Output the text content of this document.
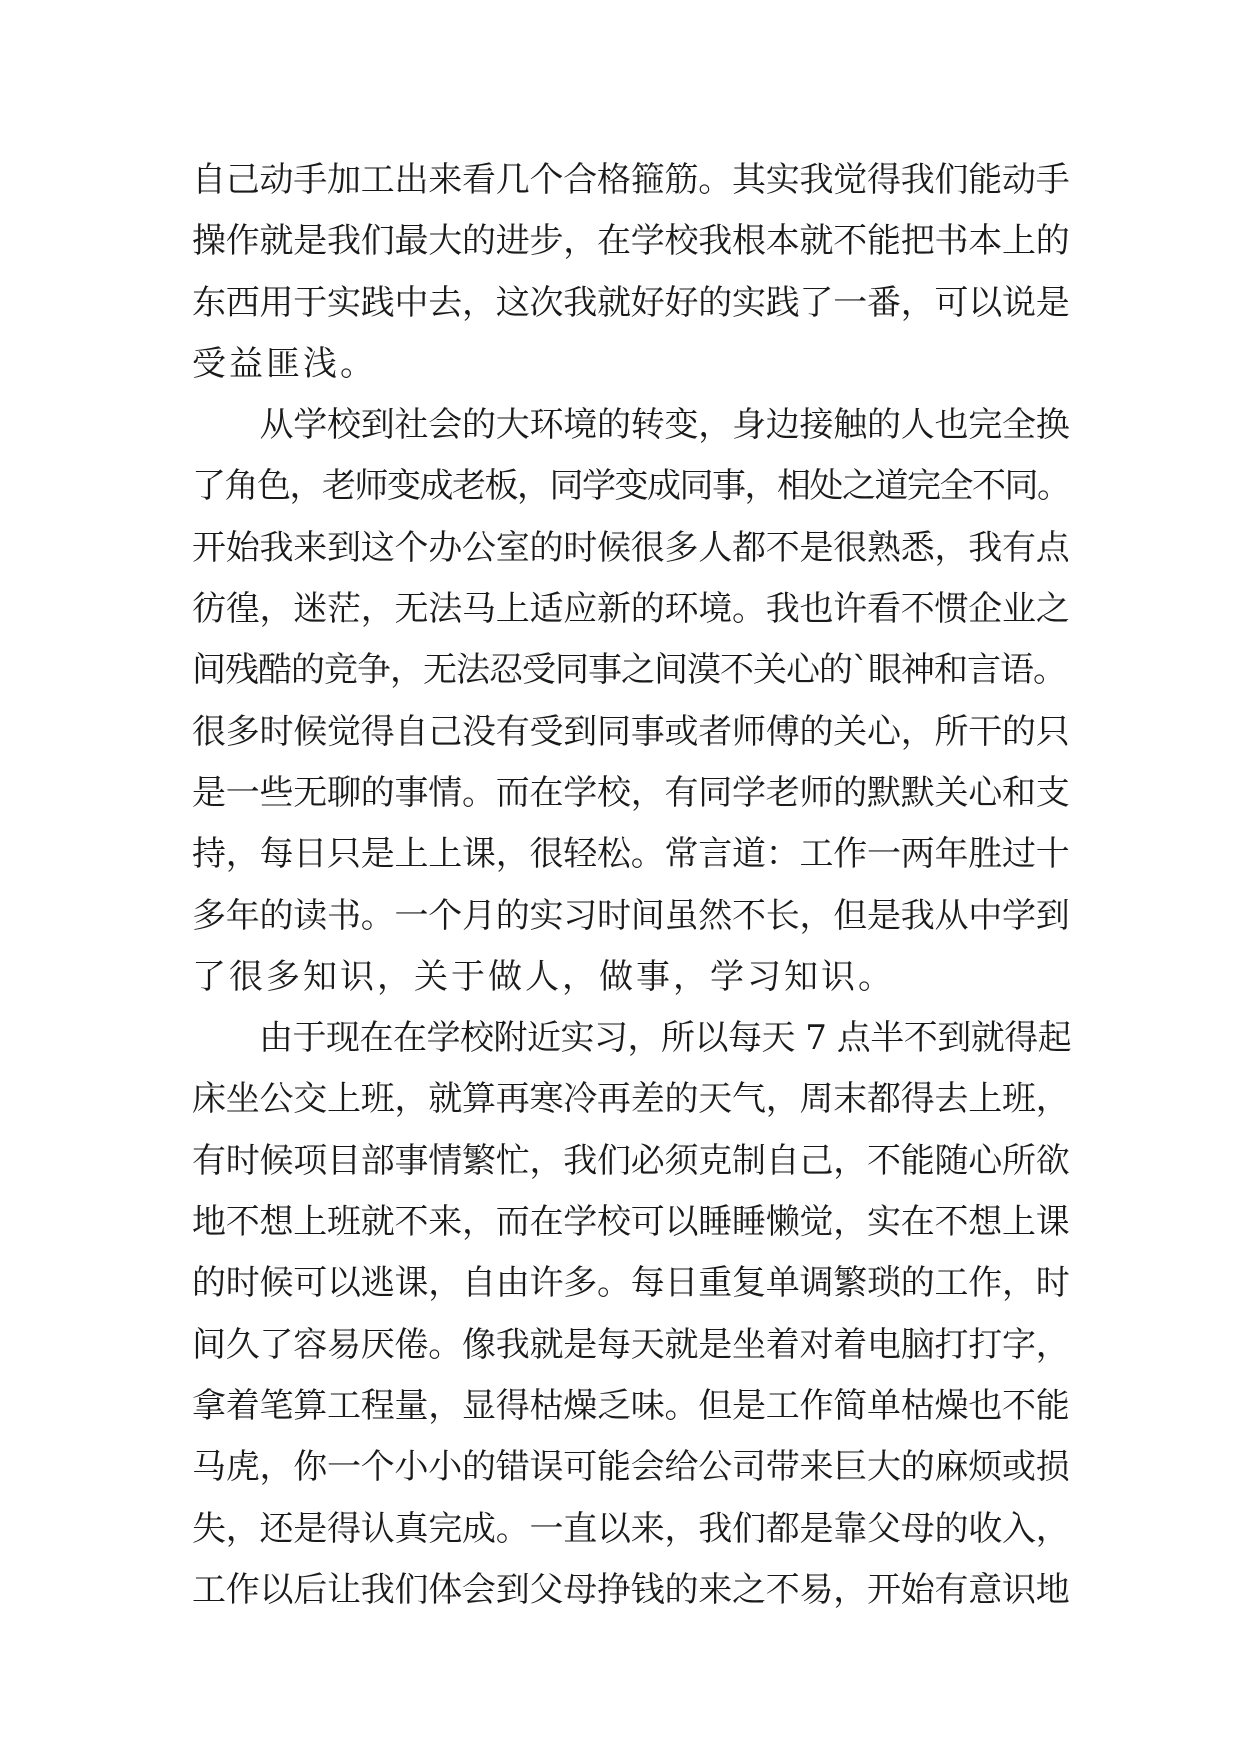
自己动手加工出来看几个合格箍筋。其实我觉得我们能动手
操作就是我们最大的进步，在学校我根本就不能把书本上的
东西用于实践中去，这次我就好好的实践了一番，可以说是
受益匪浅。
　　从学校到社会的大环境的转变，身边接触的人也完全换
了角色，老师变成老板，同学变成同事，相处之道完全不同。
开始我来到这个办公室的时候很多人都不是很熟悉，我有点
彷徨，迷茫，无法马上适应新的环境。我也许看不惯企业之
间残酷的竞争，无法忍受同事之间漠不关心的`眼神和言语。
很多时候觉得自己没有受到同事或者师傅的关心，所干的只
是一些无聊的事情。而在学校，有同学老师的默默关心和支
持，每日只是上上课，很轻松。常言道：工作一两年胜过十
多年的读书。一个月的实习时间虽然不长，但是我从中学到
了很多知识，关于做人，做事，学习知识。
　　由于现在在学校附近实习，所以每天 7 点半不到就得起
床坐公交上班，就算再寒冷再差的天气，周末都得去上班，
有时候项目部事情繁忙，我们必须克制自己，不能随心所欲
地不想上班就不来，而在学校可以睡睡懒觉，实在不想上课
的时候可以逃课，自由许多。每日重复单调繁琐的工作，时
间久了容易厌倦。像我就是每天就是坐着对着电脑打打字，
拿着笔算工程量，显得枯燥乏味。但是工作简单枯燥也不能
马虎，你一个小小的错误可能会给公司带来巨大的麻烦或损
失，还是得认真完成。一直以来，我们都是靠父母的收入，
工作以后让我们体会到父母挣钱的来之不易，开始有意识地
